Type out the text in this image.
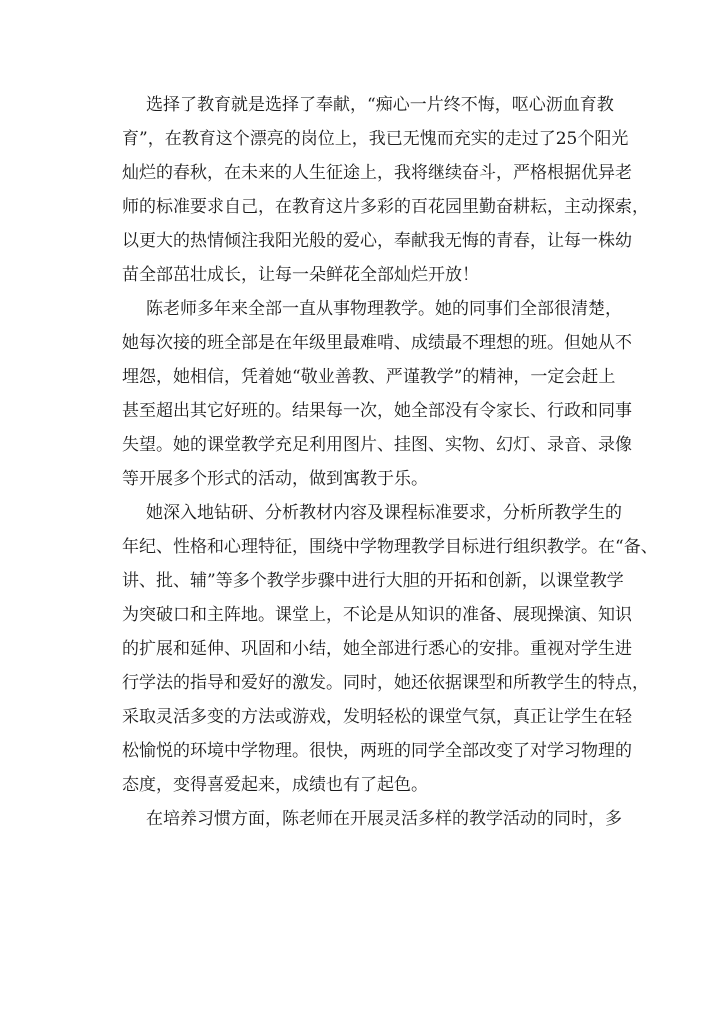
选择了教育就是选择了奉献，“痴心一片终不悔，呕心沥血育教
育”，在教育这个漂亮的岗位上，我已无愧而充实的走过了25个阳光
灿烂的春秋，在未来的人生征途上，我将继续奋斗，严格根据优异老
师的标准要求自己，在教育这片多彩的百花园里勤奋耕耘，主动探索，
以更大的热情倾注我阳光般的爱心，奉献我无悔的青春，让每一株幼
苗全部茁壮成长，让每一朵鲜花全部灿烂开放！
陈老师多年来全部一直从事物理教学。她的同事们全部很清楚，
她每次接的班全部是在年级里最难啃、成绩最不理想的班。但她从不
埋怨，她相信，凭着她“敬业善教、严谨教学”的精神，一定会赶上
甚至超出其它好班的。结果每一次，她全部没有令家长、行政和同事
失望。她的课堂教学充足利用图片、挂图、实物、幻灯、录音、录像
等开展多个形式的活动，做到寓教于乐。
她深入地钻研、分析教材内容及课程标准要求，分析所教学生的
年纪、性格和心理特征，围绕中学物理教学目标进行组织教学。在“备、
讲、批、辅”等多个教学步骤中进行大胆的开拓和创新，以课堂教学
为突破口和主阵地。课堂上，不论是从知识的准备、展现操演、知识
的扩展和延伸、巩固和小结，她全部进行悉心的安排。重视对学生进
行学法的指导和爱好的激发。同时，她还依据课型和所教学生的特点，
采取灵活多变的方法或游戏，发明轻松的课堂气氛，真正让学生在轻
松愉悦的环境中学物理。很快，两班的同学全部改变了对学习物理的
态度，变得喜爱起来，成绩也有了起色。
在培养习惯方面，陈老师在开展灵活多样的教学活动的同时，多
